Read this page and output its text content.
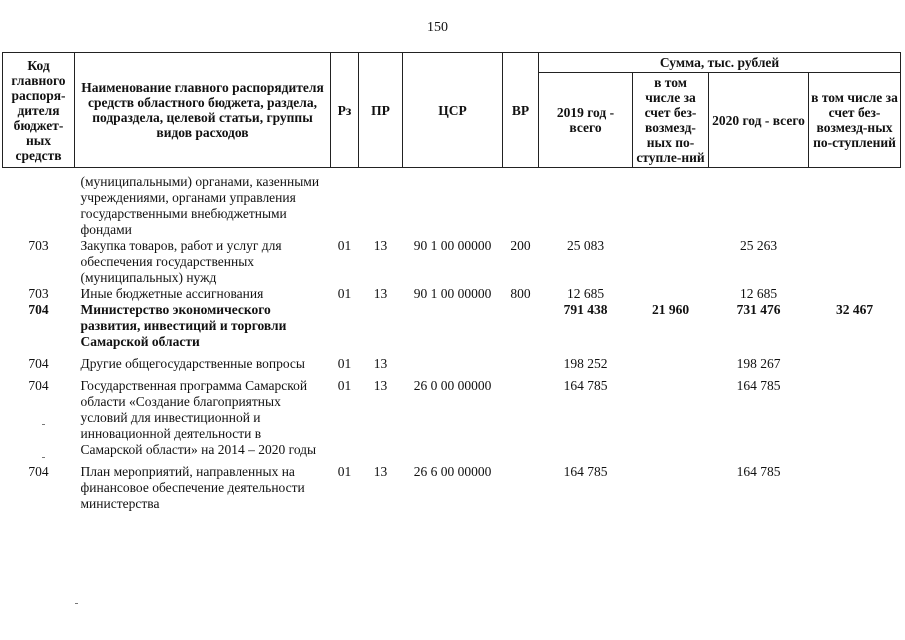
150
Код главного распоря-дителя бюджет-ных средств	Наименование главного распорядителя средств областного бюджета, раздела, подраздела, целевой статьи, группы видов расходов	Рз	ПР	ЦСР	ВР	Сумма, тыс. рублей			
						2019 год - всего	в том числе за счет без-возмезд-ных по-ступле-ний	2020 год - всего	в том числе за счет без-возмезд-ных по-ступлений
	(муниципальными) органами, казенными учреждениями, органами управления государственными внебюджетными фондами								
703	Закупка товаров, работ и услуг для обеспечения государственных (муниципальных) нужд	01	13	90 1 00 00000	200	25 083		25 263	
703	Иные бюджетные ассигнования	01	13	90 1 00 00000	800	12 685		12 685	
704	Министерство экономического развития, инвестиций и торговли Самарской области					791 438	21 960	731 476	32 467
704	Другие общегосударственные вопросы	01	13			198 252		198 267	
704	Государственная программа Самарской области «Создание благоприятных условий для инвестиционной и инновационной деятельности в Самарской области» на 2014 – 2020 годы	01	13	26 0 00 00000		164 785		164 785	
704	План мероприятий, направленных на финансовое обеспечение деятельности министерства	01	13	26 6 00 00000		164 785		164 785	
